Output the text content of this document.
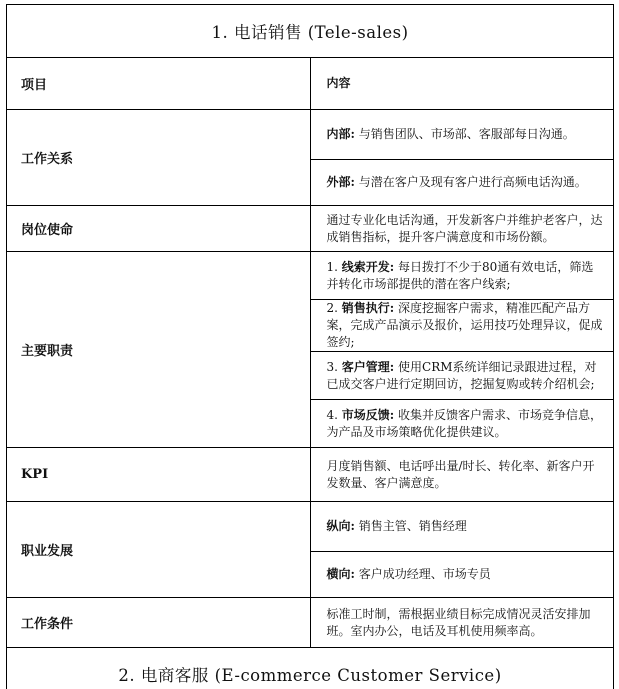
1. 电话销售 (Tele-sales)	
项目	内容
工作关系	内部: 与销售团队、市场部、客服部每日沟通。
	外部: 与潜在客户及现有客户进行高频电话沟通。
岗位使命	通过专业化电话沟通，开发新客户并维护老客户，达成销售指标，提升客户满意度和市场份额。
主要职责	1. 线索开发: 每日拨打不少于80通有效电话，筛选并转化市场部提供的潜在客户线索;
	2. 销售执行: 深度挖掘客户需求，精准匹配产品方案，完成产品演示及报价，运用技巧处理异议，促成签约;
	3. 客户管理: 使用CRM系统详细记录跟进过程，对已成交客户进行定期回访，挖掘复购或转介绍机会;
	4. 市场反馈: 收集并反馈客户需求、市场竞争信息，为产品及市场策略优化提供建议。
KPI	月度销售额、电话呼出量/时长、转化率、新客户开发数量、客户满意度。
职业发展	纵向: 销售主管、销售经理
	横向: 客户成功经理、市场专员
工作条件	标准工时制，需根据业绩目标完成情况灵活安排加班。室内办公，电话及耳机使用频率高。
2. 电商客服 (E-commerce Customer Service)	
